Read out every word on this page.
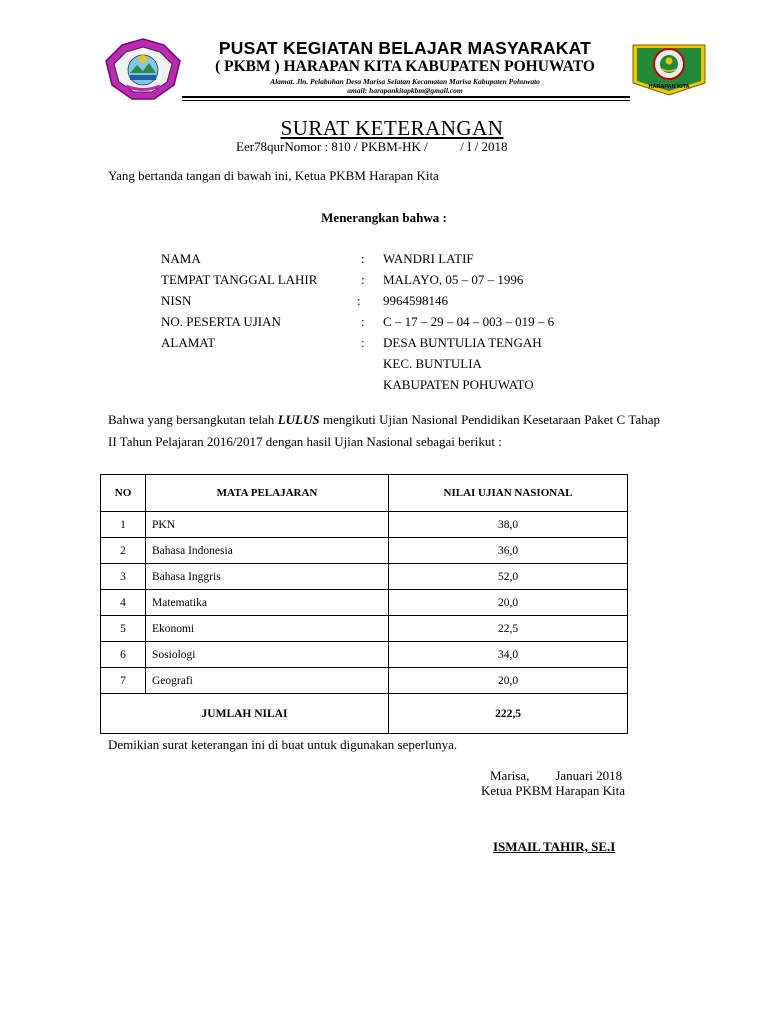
HARAPAN KITA
PUSAT KEGIATAN BELAJAR MASYARAKAT
( PKBM ) HARAPAN KITA KABUPATEN POHUWATO
Alamat. Jln. Pelabuhan Desa Marisa Selatan Kecamatan Marisa Kabupaten Pohuwato
amail: harapankitapkbm@gmail.com
SURAT KETERANGAN
Eer78qurNomor : 810 / PKBM-HK /          / I / 2018
Yang bertanda tangan di bawah ini, Ketua PKBM Harapan Kita
Menerangkan bahwa :
NAMA	: WANDRI LATIF
TEMPAT TANGGAL LAHIR	: MALAYO, 05 – 07 – 1996
NISN	: 9964598146
NO. PESERTA UJIAN	: C – 17 – 29 – 04 – 003 – 019 – 6
ALAMAT	: DESA BUNTULIA TENGAH
KEC. BUNTULIA
KABUPATEN POHUWATO
Bahwa yang bersangkutan telah LULUS mengikuti Ujian Nasional Pendidikan Kesetaraan Paket C Tahap II Tahun Pelajaran 2016/2017 dengan hasil Ujian Nasional sebagai berikut :
NO	MATA PELAJARAN	NILAI UJIAN NASIONAL
1	PKN	38,0
2	Bahasa Indonesia	36,0
3	Bahasa Inggris	52,0
4	Matematika	20,0
5	Ekonomi	22,5
6	Sosiologi	34,0
7	Geografi	20,0
JUMLAH NILAI		222,5
Demikian surat keterangan ini di buat untuk digunakan seperlunya.
Marisa,        Januari 2018
Ketua PKBM Harapan Kita
ISMAIL TAHIR, SE.I
